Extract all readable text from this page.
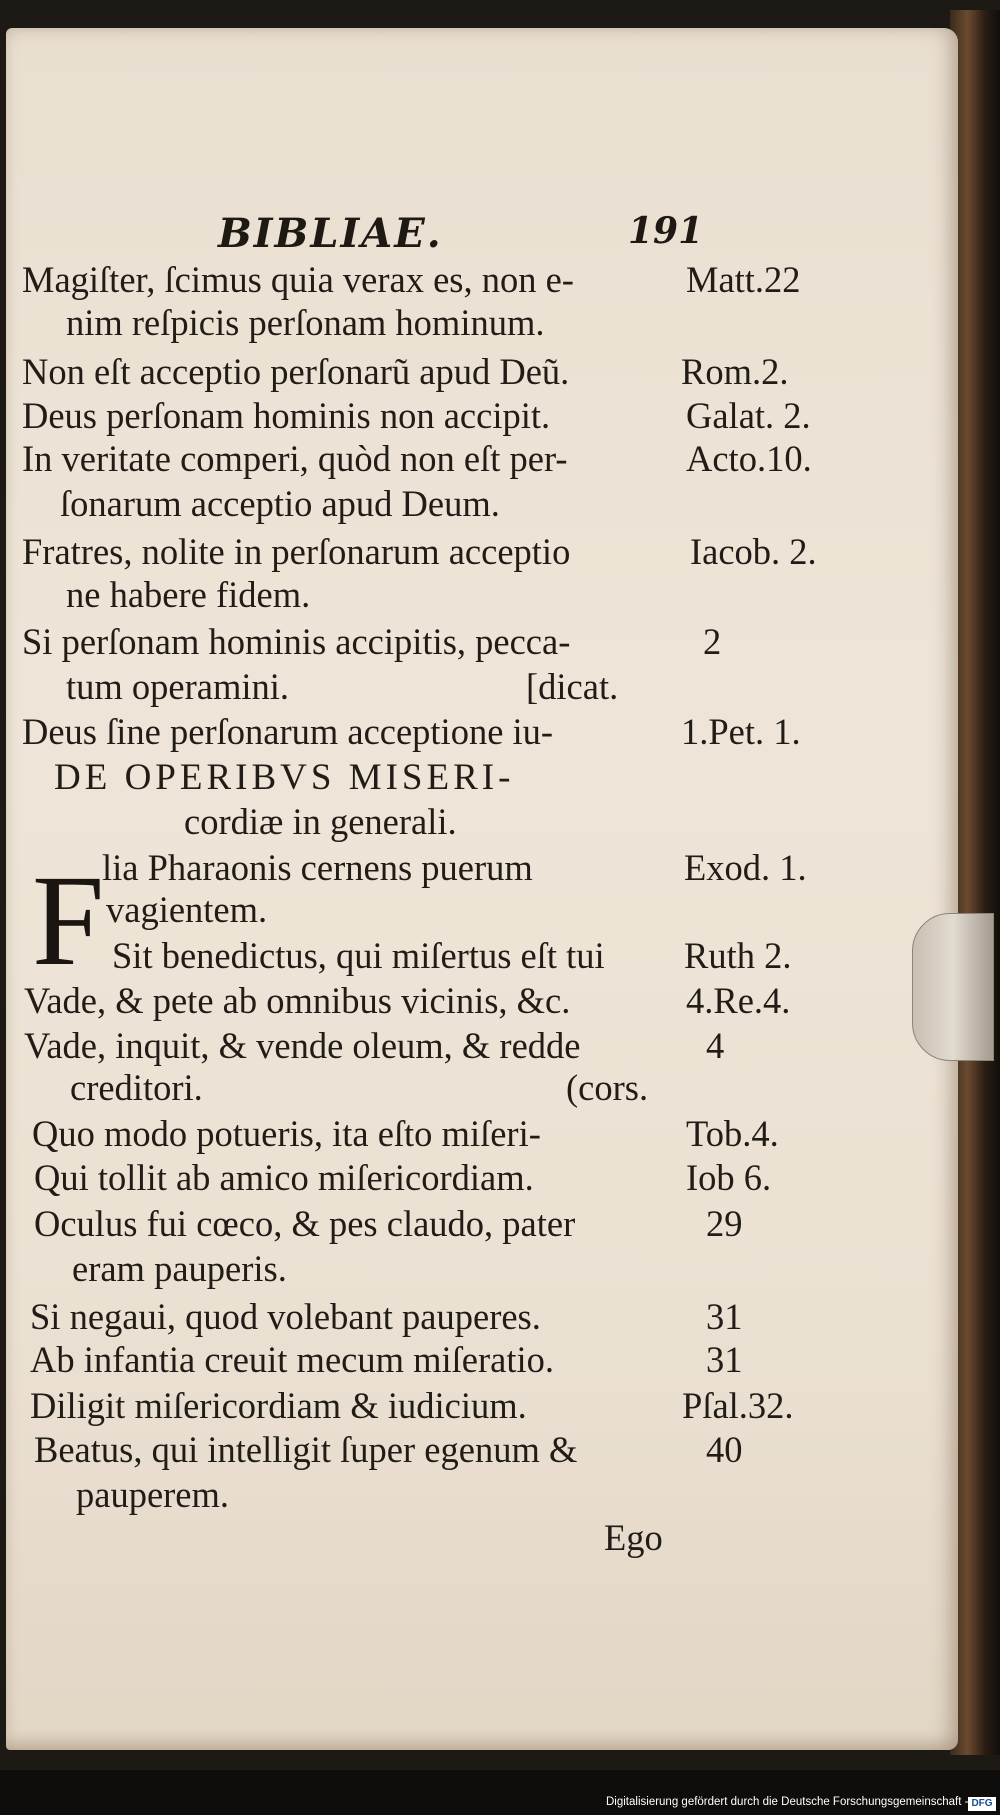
BIBLIAE.	191
F
Magiſter, ſcimus quia verax es, non e-	Matt.22
nim reſpicis perſonam hominum.
Non eſt acceptio perſonarũ apud Deũ.	Rom.2.
Deus perſonam hominis non accipit.	Galat. 2.
In veritate comperi, quòd non eſt per-	Acto.10.
ſonarum acceptio apud Deum.
Fratres, nolite in perſonarum acceptio	Iacob. 2.
ne habere fidem.
Si perſonam hominis accipitis, pecca-	2
tum operamini.	[dicat.
Deus ſine perſonarum acceptione iu-	1.Pet. 1.
DE OPERIBVS MISERI-
cordiæ in generali.
lia Pharaonis cernens puerum	Exod. 1.
vagientem.
Sit benedictus, qui miſertus eſt tui Ruth 2.
Vade, & pete ab omnibus vicinis, &c.	4.Re.4.
Vade, inquit, & vende oleum, & redde	4
creditori.	(cors.
Quo modo potueris, ita eſto miſeri-	Tob.4.
Qui tollit ab amico miſericordiam.	Iob 6.
Oculus fui cœco, & pes claudo, pater	29
eram pauperis.
Si negaui, quod volebant pauperes.	31
Ab infantia creuit mecum miſeratio.	31
Diligit miſericordiam & iudicium.	Pſal.32.
Beatus, qui intelligit ſuper egenum &	40
pauperem.
Ego
Digitalisierung gefördert durch die Deutsche Forschungsgemeinschaft - DFG
